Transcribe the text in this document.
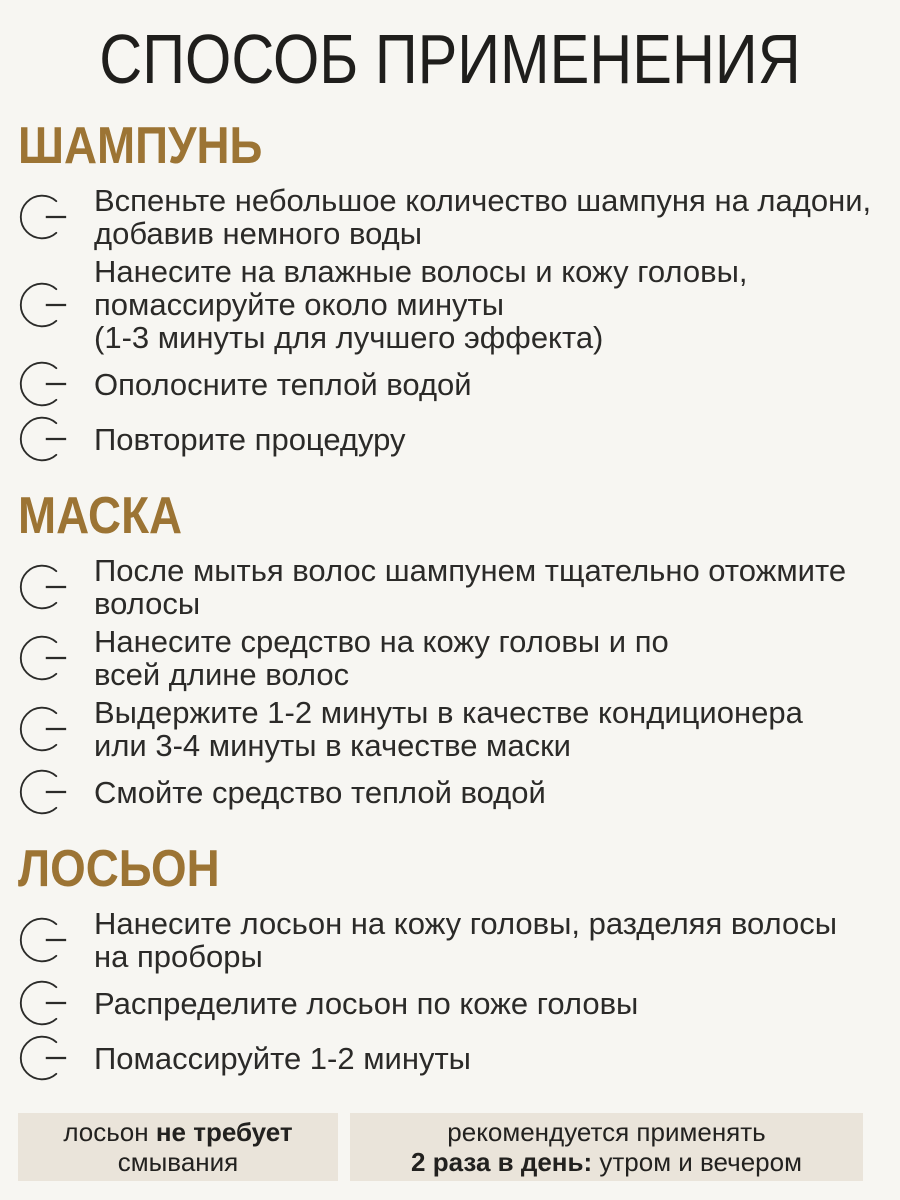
СПОСОБ ПРИМЕНЕНИЯ
ШАМПУНЬ
Вспеньте небольшое количество шампуня на ладони,
добавив немного воды
Нанесите на влажные волосы и кожу головы,
помассируйте около минуты
(1-3 минуты для лучшего эффекта)
Ополосните теплой водой
Повторите процедуру
МАСКА
После мытья волос шампунем тщательно отожмите
волосы
Нанесите средство на кожу головы и по
всей длине волос
Выдержите 1-2 минуты в качестве кондиционера
или 3-4 минуты в качестве маски
Смойте средство теплой водой
ЛОСЬОН
Нанесите лосьон на кожу головы, разделяя волосы
на проборы
Распределите лосьон по коже головы
Помассируйте 1-2 минуты
лосьон не требует
смывания
рекомендуется применять
2 раза в день: утром и вечером
